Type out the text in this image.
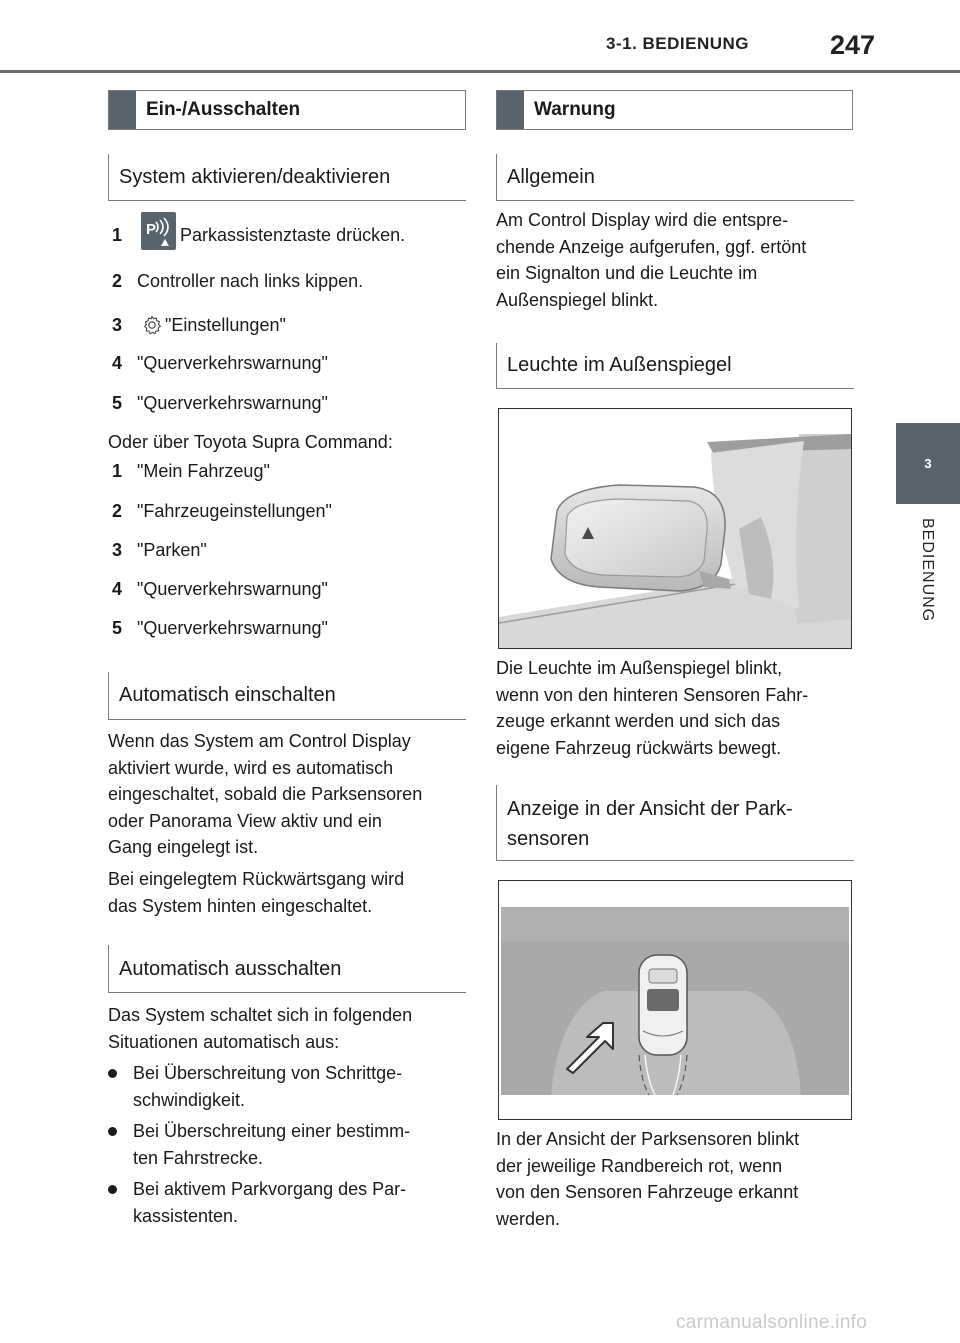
3-1. BEDIENUNG	247
3
BEDIENUNG
Ein-/Ausschalten
System aktivieren/deaktivieren
1	P Parkassistenztaste drücken.
2 Controller nach links kippen.
3	"Einstellungen"
4 "Querverkehrswarnung"
5 "Querverkehrswarnung"
Oder über Toyota Supra Command:
1 "Mein Fahrzeug"
2 "Fahrzeugeinstellungen"
3 "Parken"
4 "Querverkehrswarnung"
5 "Querverkehrswarnung"
Automatisch einschalten
Wenn das System am Control Display
aktiviert wurde, wird es automatisch
eingeschaltet, sobald die Parksensoren
oder Panorama View aktiv und ein
Gang eingelegt ist.
Bei eingelegtem Rückwärtsgang wird
das System hinten eingeschaltet.
Automatisch ausschalten
Das System schaltet sich in folgenden
Situationen automatisch aus:
Bei Überschreitung von Schrittge-
schwindigkeit.
Bei Überschreitung einer bestimm-
ten Fahrstrecke.
Bei aktivem Parkvorgang des Par-
kassistenten.
Warnung
Allgemein
Am Control Display wird die entspre-
chende Anzeige aufgerufen, ggf. ertönt
ein Signalton und die Leuchte im
Außenspiegel blinkt.
Leuchte im Außenspiegel
Die Leuchte im Außenspiegel blinkt,
wenn von den hinteren Sensoren Fahr-
zeuge erkannt werden und sich das
eigene Fahrzeug rückwärts bewegt.
Anzeige in der Ansicht der Park-
sensoren
In der Ansicht der Parksensoren blinkt
der jeweilige Randbereich rot, wenn
von den Sensoren Fahrzeuge erkannt
werden.
carmanualsonline.info
